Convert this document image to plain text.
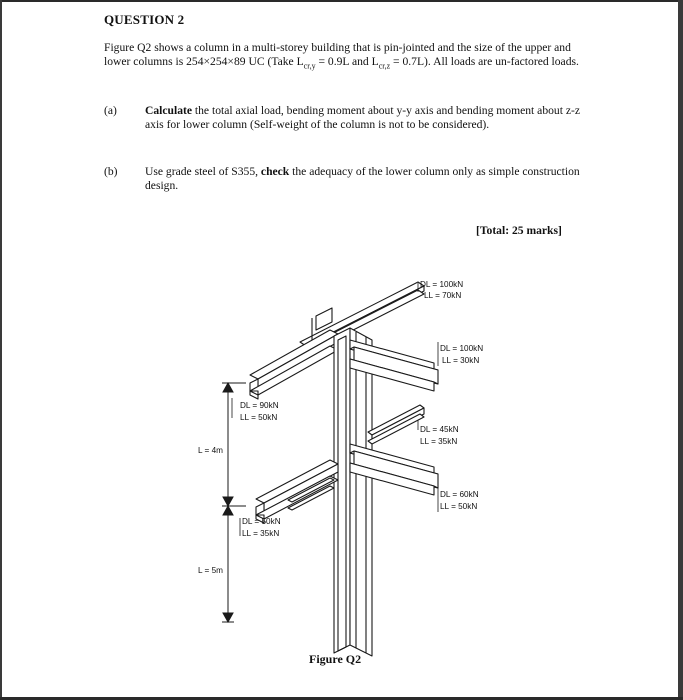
QUESTION 2
Figure Q2 shows a column in a multi-storey building that is pin-jointed and the size of the upper and lower columns is 254×254×89 UC (Take $L_{cr,y} = 0.9L$ and $L_{cr,z} = 0.7L$). All loads are un-factored loads.
(a) Calculate the total axial load, bending moment about y-y axis and bending moment about z-z axis for lower column (Self-weight of the column is not to be considered).
(b) Use grade steel of S355, check the adequacy of the lower column only as simple construction design.
[Total: 25 marks]
DL = 100kN
LL = 70kN
DL = 100kN
LL = 30kN
DL = 90kN
LL = 50kN
DL = 45kN
LL = 35kN
DL = 60kN
LL = 50kN
DL = 50kN
LL = 35kN
L = 4m
L = 5m
Figure Q2
